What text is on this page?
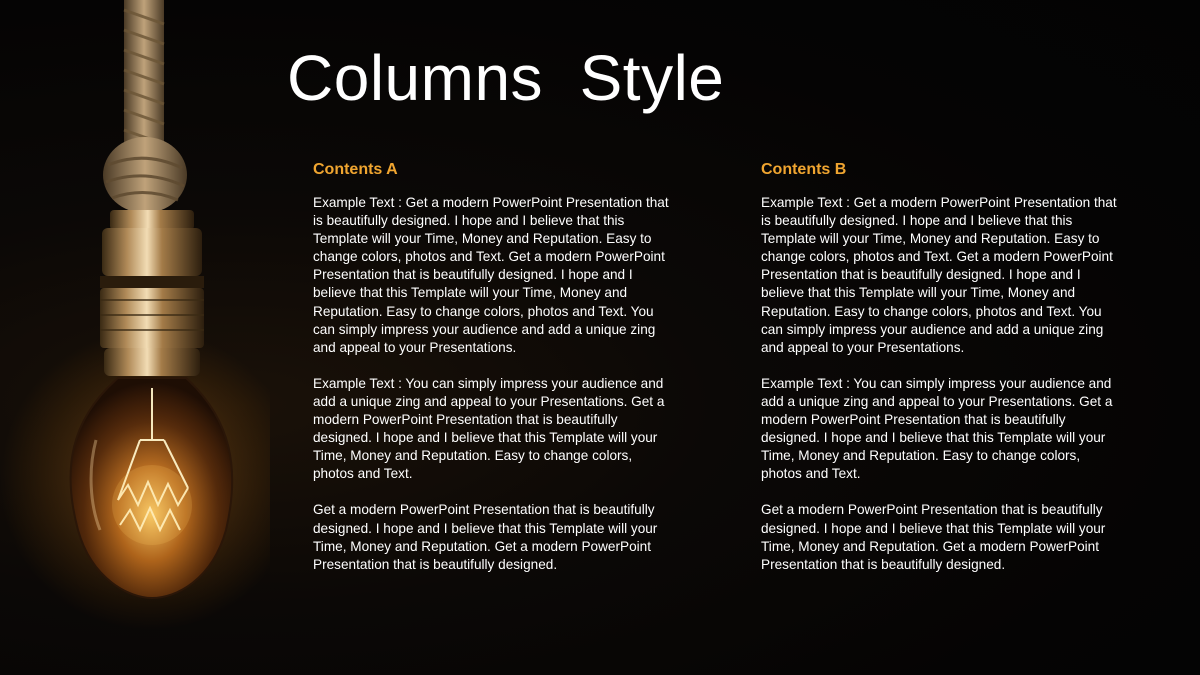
Columns  Style
Contents A

Example Text : Get a modern PowerPoint Presentation that is beautifully designed. I hope and I believe that this Template will your Time, Money and Reputation. Easy to change colors, photos and Text. Get a modern PowerPoint Presentation that is beautifully designed. I hope and I believe that this Template will your Time, Money and Reputation. Easy to change colors, photos and Text. You can simply impress your audience and add a unique zing and appeal to your Presentations.

Example Text : You can simply impress your audience and add a unique zing and appeal to your Presentations. Get a modern PowerPoint Presentation that is beautifully designed. I hope and I believe that this Template will your Time, Money and Reputation. Easy to change colors, photos and Text.

Get a modern PowerPoint Presentation that is beautifully designed. I hope and I believe that this Template will your Time, Money and Reputation. Get a modern PowerPoint Presentation that is beautifully designed.

Contents B

Example Text : Get a modern PowerPoint Presentation that is beautifully designed. I hope and I believe that this Template will your Time, Money and Reputation. Easy to change colors, photos and Text. Get a modern PowerPoint Presentation that is beautifully designed. I hope and I believe that this Template will your Time, Money and Reputation. Easy to change colors, photos and Text. You can simply impress your audience and add a unique zing and appeal to your Presentations.

Example Text : You can simply impress your audience and add a unique zing and appeal to your Presentations. Get a modern PowerPoint Presentation that is beautifully designed. I hope and I believe that this Template will your Time, Money and Reputation. Easy to change colors, photos and Text.

Get a modern PowerPoint Presentation that is beautifully designed. I hope and I believe that this Template will your Time, Money and Reputation. Get a modern PowerPoint Presentation that is beautifully designed.
